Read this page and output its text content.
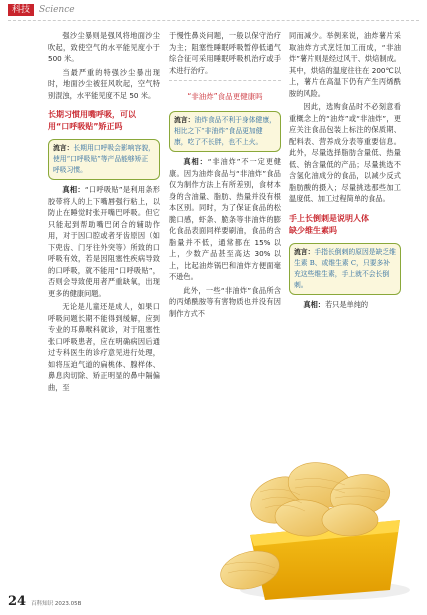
科技	Science

强沙尘暴则是强风将地面沙尘吹起，致使空气的水平能见度小于 500 米。

当最严重的特强沙尘暴出现时，地面沙尘被狂风吹起，空气特别混浊，水平能见度不足 50 米。

长期习惯用嘴呼吸，可以
用“口呼吸贴”矫正吗
流言：长期用口呼吸会影响容貌，使用“口呼吸贴”等产品能够矫正呼吸习惯。

真相：“口呼吸贴”是利用条形胶带将人的上下嘴唇强行粘上，以防止在睡觉时张开嘴巴呼吸。但它只能起到帮助嘴巴闭合的辅助作用，对于因口腔或者牙齿原因（如下兜齿、门牙往外突等）所致的口呼吸有效，若是因阻塞性疾病导致的口呼吸，就不能用“口呼吸贴”，否则会导致使用者严重缺氧，出现更多的健康问题。

无论是儿童还是成人，如果口呼吸问题长期不能得到缓解，应到专业的耳鼻喉科就诊，对于阻塞性张口呼吸患者，应在明确病因后通过专科医生的诊疗意见进行处理，如将压迫气道的扁桃体、腺样体、鼻息肉切除、矫正明显的鼻中隔偏曲，至

于慢性鼻炎问题，一般以保守治疗为主；阻塞性睡眠呼吸暂停低通气综合征可采用睡眠呼吸机治疗或手术进行治疗。

“非油炸”食品更健康吗
流言：油炸食品不利于身体健康，相比之下“非油炸”食品更加健康，吃了不长胖，也不上火。

真相：“非油炸”不一定更健康。因为油炸食品与“非油炸”食品仅为制作方法上有所差别，食材本身的含油量、脂肪、热量并没有根本区别。同时，为了保证食品的松脆口感，虾条、脆条等非油炸的膨化食品表面同样要刷油，食品的含脂量并不低，通常都在 15% 以上，少数产品甚至高达 30% 以上，比起油炸锅巴和油炸方便面毫不逊色。

此外，一些“非油炸”食品所含的丙烯酰胺等有害物质也并没有因制作方式不

同而减少。举例来说，油炸薯片采取油炸方式烹饪加工而成，“非油炸”薯片则是经过风干、烘焙制成。其中，烘焙的温度往往在 200℃以上，薯片在高温下仍有产生丙烯酰胺的风险。

因此，选购食品时不必刻意看重概念上的“油炸”或“非油炸”，更应关注食品包装上标注的保质期、配料表、营养成分表等重要信息。此外，尽量选择脂肪含量低、热量低、钠含量低的产品；尽量挑选不含氢化油成分的食品，以减少反式脂肪酸的摄入；尽量挑选那些加工温度低、加工过程简单的食品。

手上长倒刺是说明人体
缺少维生素吗
流言：手指长倒刺的原因是缺乏维生素 B、或维生素 C，只要多补充这些维生素，手上就不会长倒刺。

真相：若只是单纯的

24 百科知识 2023.05B
